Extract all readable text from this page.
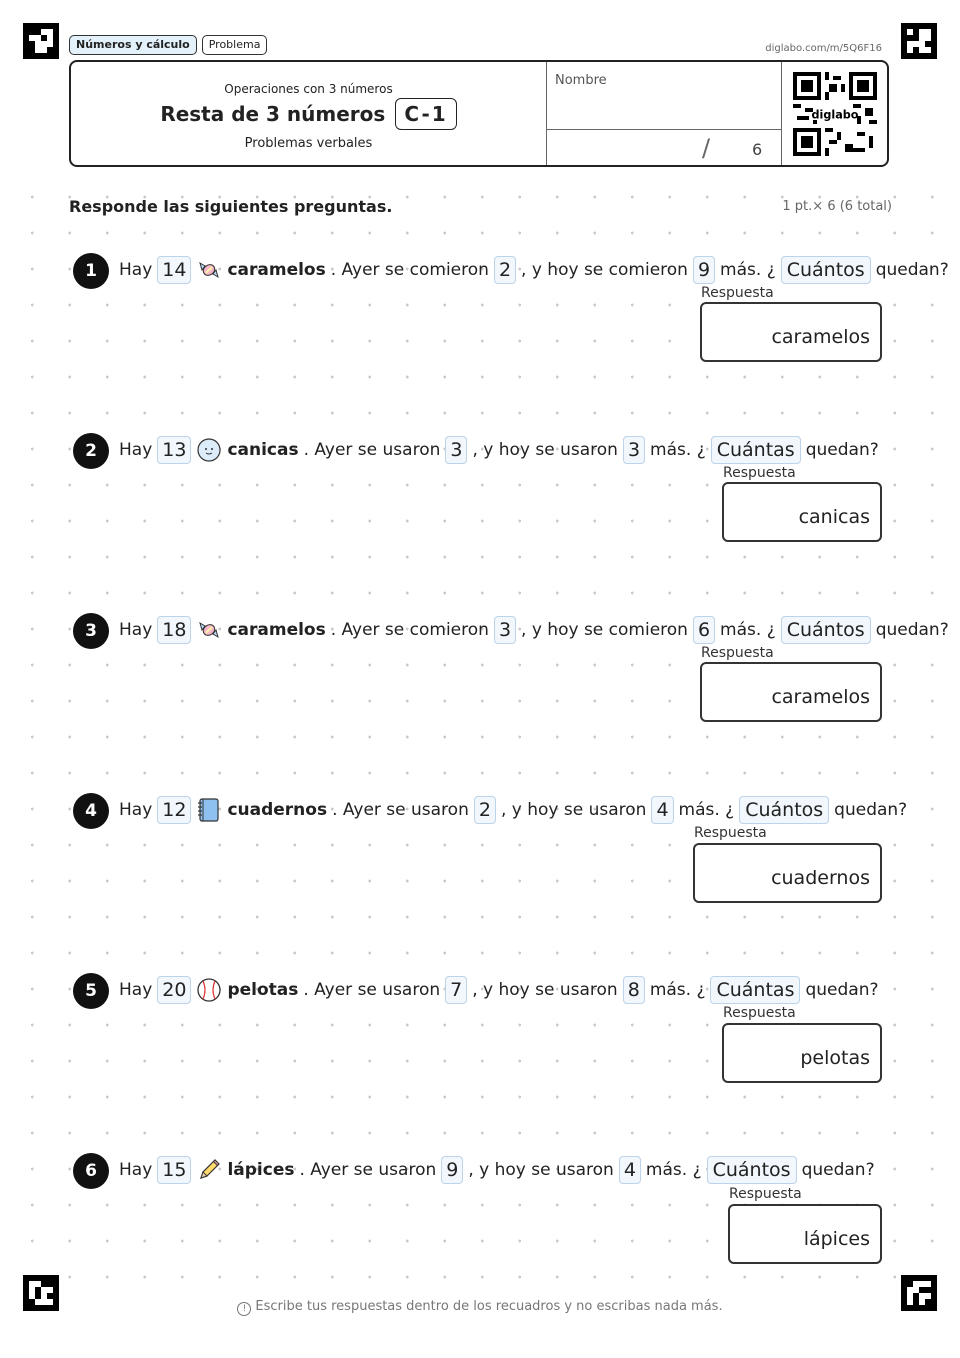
Números y cálculo	Problema	diglabo.com/m/5Q6F16
Operaciones con 3 números
Resta de 3 números C-1
Problemas verbales
Nombre
/	6
diglabo
Responde las siguientes preguntas.	1 pt.× 6 (6 total)
1	Hay 14 caramelos . Ayer se comieron 2 , y hoy se comieron 9 más. ¿ Cuántos quedan?
Respuesta
caramelos
2	Hay 13 canicas . Ayer se usaron 3 , y hoy se usaron 3 más. ¿ Cuántas quedan?
Respuesta
canicas
3	Hay 18 caramelos . Ayer se comieron 3 , y hoy se comieron 6 más. ¿ Cuántos quedan?
Respuesta
caramelos
4	Hay 12 cuadernos . Ayer se usaron 2 , y hoy se usaron 4 más. ¿ Cuántos quedan?
Respuesta
cuadernos
5	Hay 20 pelotas . Ayer se usaron 7 , y hoy se usaron 8 más. ¿ Cuántas quedan?
Respuesta
pelotas
6	Hay 15 lápices . Ayer se usaron 9 , y hoy se usaron 4 más. ¿ Cuántos quedan?
Respuesta
lápices
! Escribe tus respuestas dentro de los recuadros y no escribas nada más.
